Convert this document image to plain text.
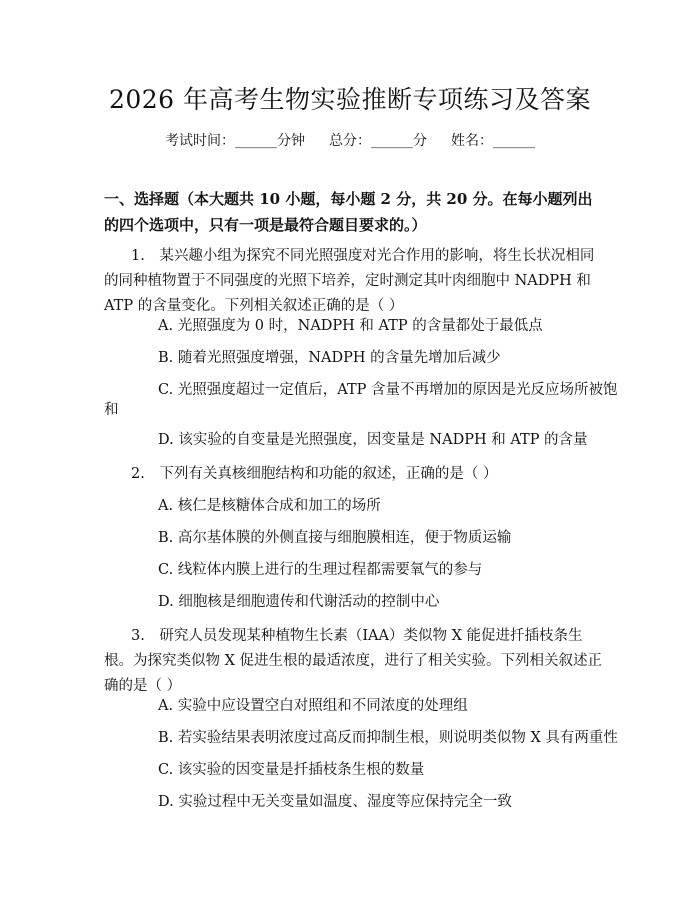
2026 年高考生物实验推断专项练习及答案
考试时间：______分钟 总分：______分 姓名：______
一、选择题（本大题共 10 小题，每小题 2 分，共 20 分。在每小题列出的四个选项中，只有一项是最符合题目要求的。）
1.　某兴趣小组为探究不同光照强度对光合作用的影响，将生长状况相同的同种植物置于不同强度的光照下培养，定时测定其叶肉细胞中 NADPH 和 ATP 的含量变化。下列相关叙述正确的是（ ）
A. 光照强度为 0 时，NADPH 和 ATP 的含量都处于最低点
B. 随着光照强度增强，NADPH 的含量先增加后减少
C. 光照强度超过一定值后，ATP 含量不再增加的原因是光反应场所被饱
和
D. 该实验的自变量是光照强度，因变量是 NADPH 和 ATP 的含量
2.　下列有关真核细胞结构和功能的叙述，正确的是（ ）
A. 核仁是核糖体合成和加工的场所
B. 高尔基体膜的外侧直接与细胞膜相连，便于物质运输
C. 线粒体内膜上进行的生理过程都需要氧气的参与
D. 细胞核是细胞遗传和代谢活动的控制中心
3.　研究人员发现某种植物生长素（IAA）类似物 X 能促进扦插枝条生根。为探究类似物 X 促进生根的最适浓度，进行了相关实验。下列相关叙述正确的是（ ）
A. 实验中应设置空白对照组和不同浓度的处理组
B. 若实验结果表明浓度过高反而抑制生根，则说明类似物 X 具有两重性
C. 该实验的因变量是扦插枝条生根的数量
D. 实验过程中无关变量如温度、湿度等应保持完全一致
